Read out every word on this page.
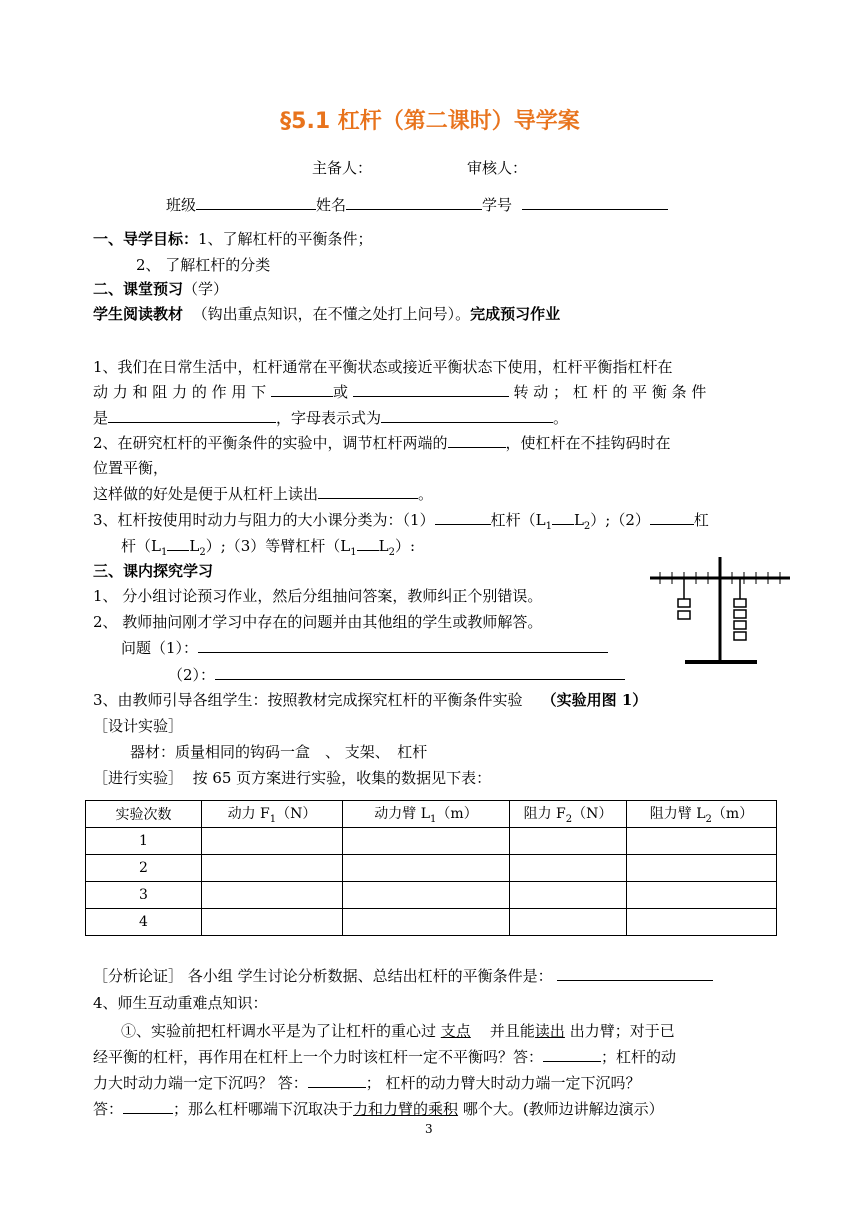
§5.1 杠杆（第二课时）导学案
主备人：	审核人：
班级	姓名	学号
一、导学目标：1、了解杠杆的平衡条件；
2、 了解杠杆的分类
二、课堂预习（学）
学生阅读教材 （钩出重点知识，在不懂之处打上问号）。完成预习作业
1、我们在日常生活中，杠杆通常在平衡状态或接近平衡状态下使用，杠杆平衡指杠杆在
动 力 和 阻 力 的 作 用 下	或	转 动 ； 杠 杆 的 平 衡 条 件
是	，字母表示式为	。
2、在研究杠杆的平衡条件的实验中，调节杠杆两端的	，使杠杆在不挂钩码时在
位置平衡，
这样做的好处是便于从杠杆上读出	。
3、杠杆按使用时动力与阻力的大小课分类为：（1）	杠杆（$L_1$ $L_2);(2)$	杠
杆（$L_1$ $L_2);(3)$等臂杠杆（$L_1$ $L_2$）:
三、课内探究学习
1、 分小组讨论预习作业，然后分组抽问答案，教师纠正个别错误。
2、 教师抽问刚才学习中存在的问题并由其他组的学生或教师解答。
问题（1）：
（2）：
3、由教师引导各组学生：按照教材完成探究杠杆的平衡条件实验 （实验用图 1）
［设计实验］
器材：质量相同的钩码一盒　、 支架、　杠杆
［进行实验］ 按 65 页方案进行实验，收集的数据见下表：
实验次数	动力 $F_1(N)$	动力臂 $L_1(m)$	阻力 $F_2(N)$	阻力臂 $L_2(m)$
1				
2				
3				
4				
［分析论证］ 各小组 学生讨论分析数据、总结出杠杆的平衡条件是：
4、师生互动重难点知识：
①、实验前把杠杆调水平是为了让杠杆的重心过 支点 并且能读出 出力臂；对于已
经平衡的杠杆，再作用在杠杆上一个力时该杠杆一定不平衡吗？答：	；杠杆的动
力大时动力端一定下沉吗？ 答：	； 杠杆的动力臂大时动力端一定下沉吗？
答：	；那么杠杆哪端下沉取决于力和力臂的乘积 哪个大。(教师边讲解边演示）
3
